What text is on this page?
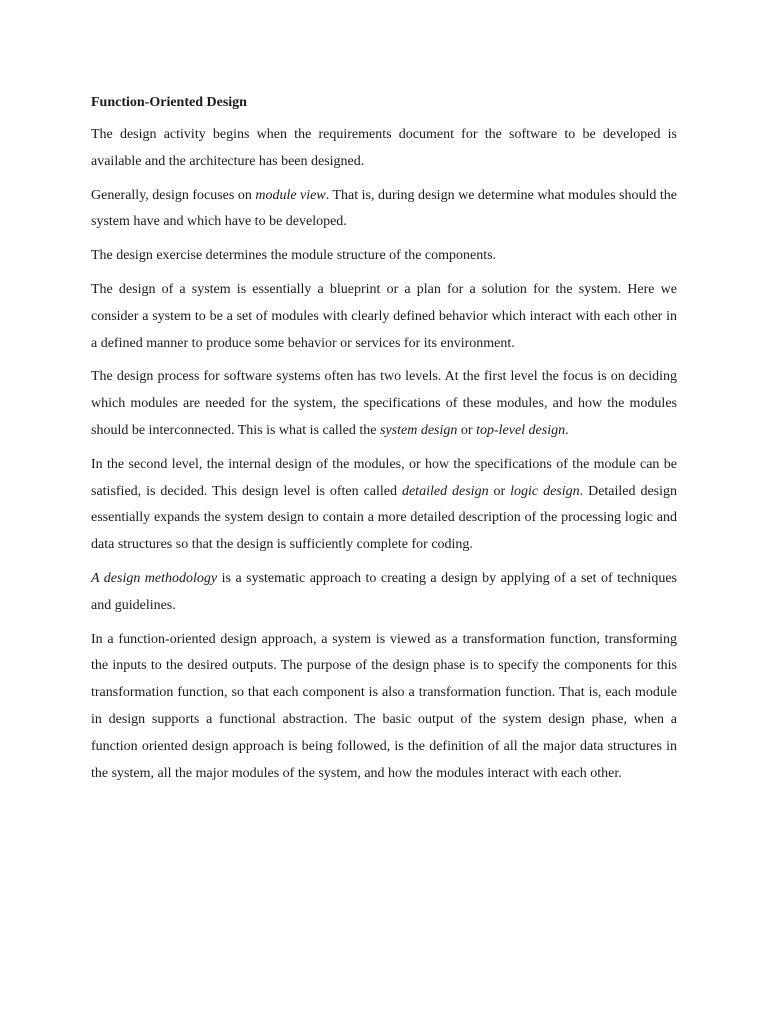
Function-Oriented Design

The design activity begins when the requirements document for the software to be developed is available and the architecture has been designed.

Generally, design focuses on module view. That is, during design we determine what modules should the system have and which have to be developed.

The design exercise determines the module structure of the components.

The design of a system is essentially a blueprint or a plan for a solution for the system. Here we consider a system to be a set of modules with clearly defined behavior which interact with each other in a defined manner to produce some behavior or services for its environment.

The design process for software systems often has two levels. At the first level the focus is on deciding which modules are needed for the system, the specifications of these modules, and how the modules should be interconnected. This is what is called the system design or top-level design.

In the second level, the internal design of the modules, or how the specifications of the module can be satisfied, is decided. This design level is often called detailed design or logic design. Detailed design essentially expands the system design to contain a more detailed description of the processing logic and data structures so that the design is sufficiently complete for coding.

A design methodology is a systematic approach to creating a design by applying of a set of techniques and guidelines.

In a function-oriented design approach, a system is viewed as a transformation function, transforming the inputs to the desired outputs. The purpose of the design phase is to specify the components for this transformation function, so that each component is also a transformation function. That is, each module in design supports a functional abstraction. The basic output of the system design phase, when a function oriented design approach is being followed, is the definition of all the major data structures in the system, all the major modules of the system, and how the modules interact with each other.
